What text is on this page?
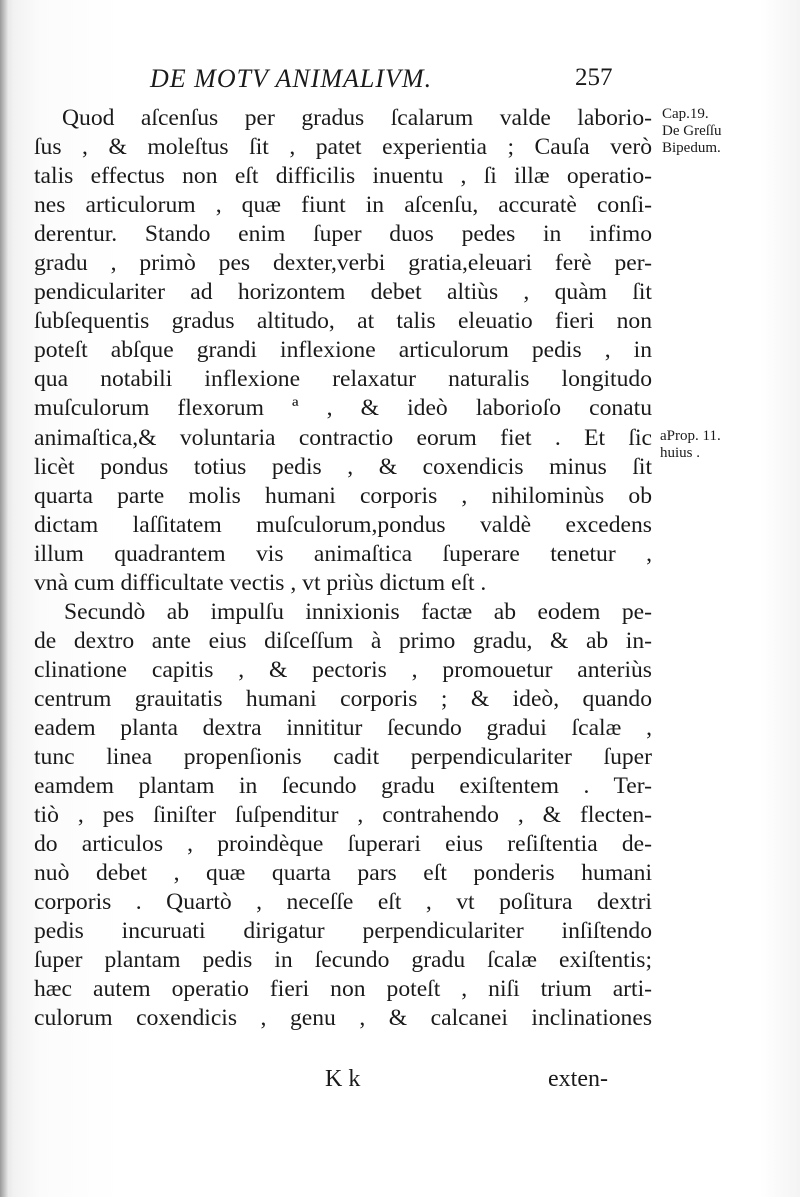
DE MOTV ANIMALIVM.	257
Cap.19.
De Greſſu
Bipedum.
aProp. 11.
huius .
Quod aſcenſus per gradus ſcalarum valde laborio-
ſus , & moleſtus ſit , patet experientia ; Cauſa verò
talis effectus non eſt difficilis inuentu , ſi illæ operatio-
nes articulorum , quæ fiunt in aſcenſu, accuratè conſi-
derentur. Stando enim ſuper duos pedes in infimo
gradu , primò pes dexter,verbi gratia,eleuari ferè per-
pendiculariter ad horizontem debet altiùs , quàm ſit
ſubſequentis gradus altitudo, at talis eleuatio fieri non
poteſt abſque grandi inflexione articulorum pedis , in
qua notabili inflexione relaxatur naturalis longitudo
muſculorum flexorum ª , & ideò laborioſo conatu
animaſtica,& voluntaria contractio eorum fiet . Et ſic
licèt pondus totius pedis , & coxendicis minus ſit
quarta parte molis humani corporis , nihilominùs ob
dictam laſſitatem muſculorum,pondus valdè excedens
illum quadrantem vis animaſtica ſuperare tenetur ,
vnà cum difficultate vectis , vt priùs dictum eſt .
Secundò ab impulſu innixionis factæ ab eodem pe-
de dextro ante eius diſceſſum à primo gradu, & ab in-
clinatione capitis , & pectoris , promouetur anteriùs
centrum grauitatis humani corporis ; & ideò, quando
eadem planta dextra innititur ſecundo gradui ſcalæ ,
tunc linea propenſionis cadit perpendiculariter ſuper
eamdem plantam in ſecundo gradu exiſtentem . Ter-
tiò , pes ſiniſter ſuſpenditur , contrahendo , & flecten-
do articulos , proindèque ſuperari eius reſiſtentia de-
nuò debet , quæ quarta pars eſt ponderis humani
corporis . Quartò , neceſſe eſt , vt poſitura dextri
pedis incuruati dirigatur perpendiculariter inſiſtendo
ſuper plantam pedis in ſecundo gradu ſcalæ exiſtentis;
hæc autem operatio fieri non poteſt , niſi trium arti-
culorum coxendicis , genu , & calcanei inclinationes
K k	exten-
